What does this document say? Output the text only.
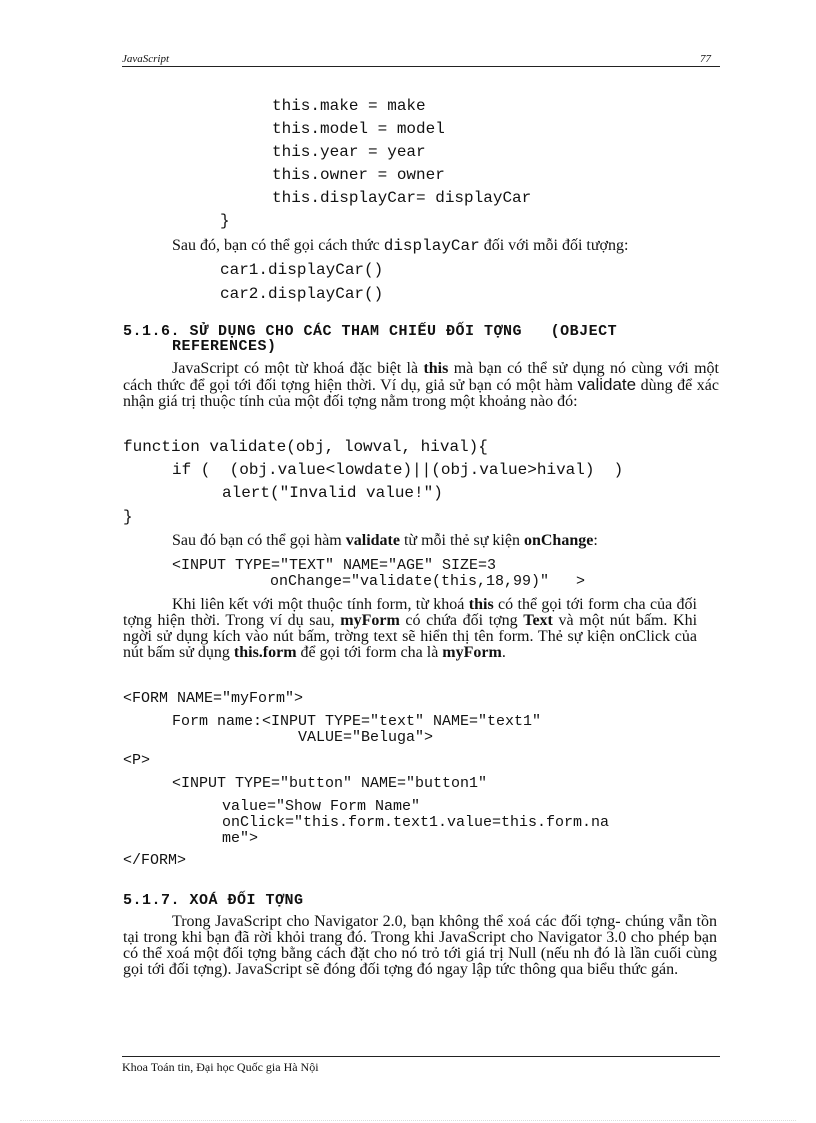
JavaScript	77
this.make = make
this.model = model
this.year = year
this.owner = owner
this.displayCar= displayCar
}
Sau đó, bạn có thể gọi cách thức displayCar đối với mỗi đối tượng:
car1.displayCar()
car2.displayCar()
5.1.6. SỬ DỤNG CHO CÁC THAM CHIẾU ĐỐI TỢNG   (OBJECT
REFERENCES)
JavaScript có một từ khoá đặc biệt là this mà bạn có thể sử dụng nó cùng với một cách thức để gọi tới đối tợng hiện thời. Ví dụ, giả sử bạn có một hàm validate dùng để xác nhận giá trị thuộc tính của một đối tợng nằm trong một khoảng nào đó:
function validate(obj, lowval, hival){
if (  (obj.value<lowdate)||(obj.value>hival)  )
alert("Invalid value!")
}
Sau đó bạn có thể gọi hàm validate từ mỗi thẻ sự kiện onChange:
<INPUT TYPE="TEXT" NAME="AGE" SIZE=3
onChange="validate(this,18,99)"   >
Khi liên kết với một thuộc tính form, từ khoá this có thể gọi tới form cha của đối tợng hiện thời. Trong ví dụ sau, myForm có chứa đối tợng Text và một nút bấm. Khi ngời sử dụng kích vào nút bấm, trờng text sẽ hiển thị tên form. Thẻ sự kiện onClick của nút bấm sử dụng this.form để gọi tới form cha là myForm.
<FORM NAME="myForm">
Form name:<INPUT TYPE="text" NAME="text1"
VALUE="Beluga">
<P>
<INPUT TYPE="button" NAME="button1"
value="Show Form Name"
onClick="this.form.text1.value=this.form.na
me">
</FORM>
5.1.7. XOÁ ĐỐI TỢNG
Trong JavaScript cho Navigator 2.0, bạn không thể xoá các đối tợng- chúng vẫn tồn tại trong khi bạn đã rời khỏi trang đó. Trong khi JavaScript cho Navigator 3.0 cho phép bạn có thể xoá một đối tợng bằng cách đặt cho nó trỏ tới giá trị Null (nếu nh đó là lần cuối cùng gọi tới đối tợng). JavaScript sẽ đóng đối tợng đó ngay lập tức thông qua biểu thức gán.
Khoa Toán tin, Đại học Quốc gia Hà Nội
